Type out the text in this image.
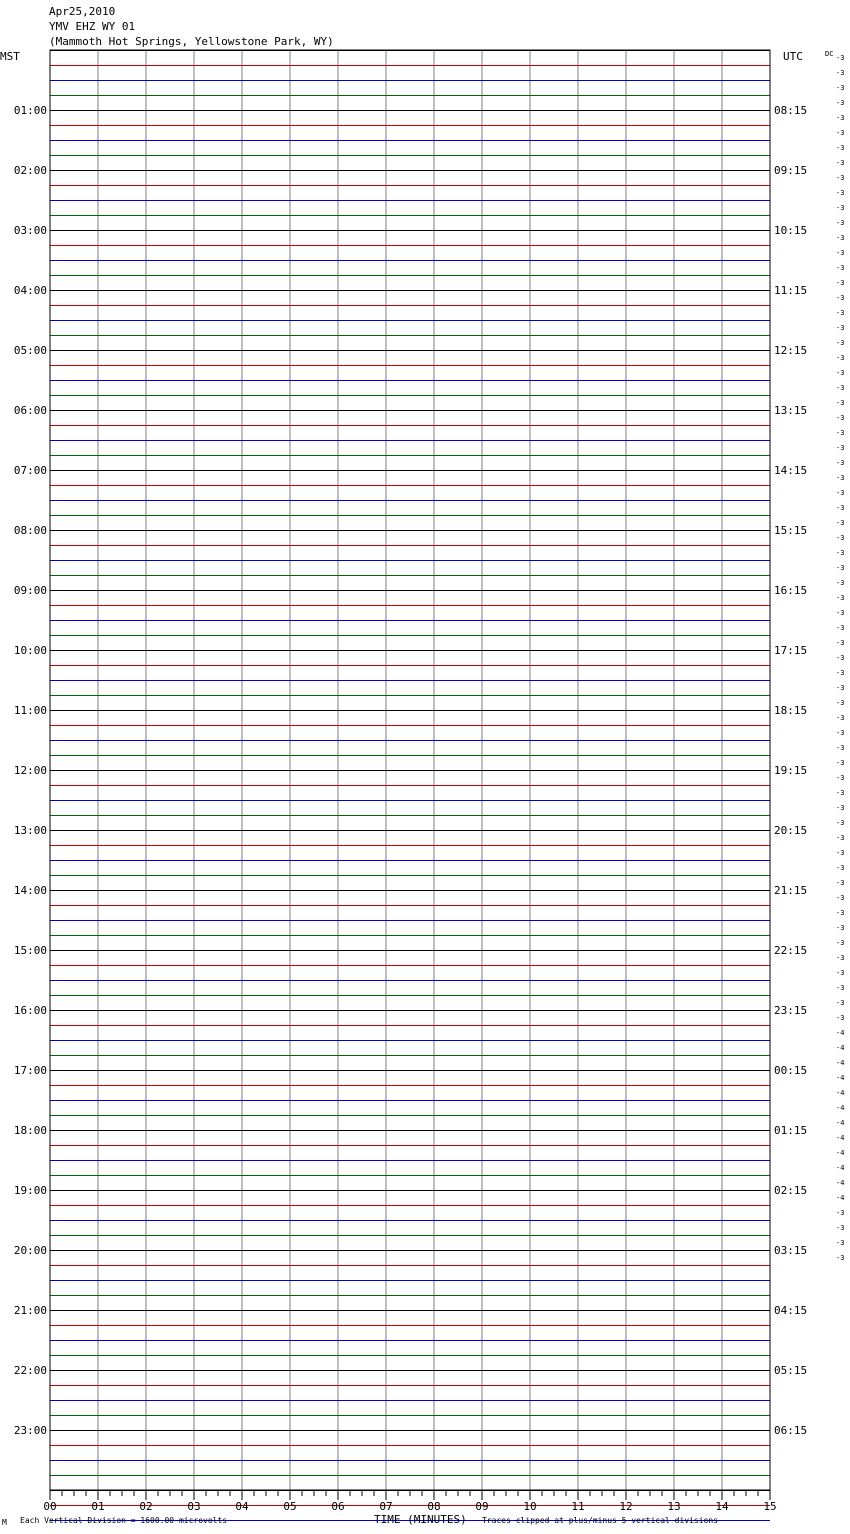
Apr25,2010
YMV EHZ WY 01
(Mammoth Hot Springs, Yellowstone Park, WY)
MST	UTC	DC
00	01	02	03	04	05	06	07	08	09	10	11	12	13	14	15
01:00
02:00
03:00
04:00
05:00
06:00
07:00
08:00
09:00
10:00
11:00
12:00
13:00
14:00
15:00
16:00
17:00
18:00
19:00
20:00
21:00
22:00
23:00
08:15
09:15
10:15
11:15
12:15
13:15
14:15
15:15
16:15
17:15
18:15
19:15
20:15
21:15
22:15
23:15
00:15
01:15
02:15
03:15
04:15
05:15
06:15
-3
-3
-3
-3
-3
-3
-3
-3
-3
-3
-3
-3
-3
-3
-3
-3
-3
-3
-3
-3
-3
-3
-3
-3
-3
-3
-3
-3
-3
-3
-3
-3
-3
-3
-3
-3
-3
-3
-3
-3
-3
-3
-3
-3
-3
-3
-3
-3
-3
-3
-3
-3
-3
-3
-3
-3
-3
-3
-3
-3
-3
-3
-3
-3
-3
-4
-4
-4
-4
-4
-4
-4
-4
-4
-4
-4
-4
-3
-3
-3
-3
M Each Vertical Division = 1600.00 microvolts	TIME (MINUTES) Traces clipped at plus/minus 5 vertical divisions
